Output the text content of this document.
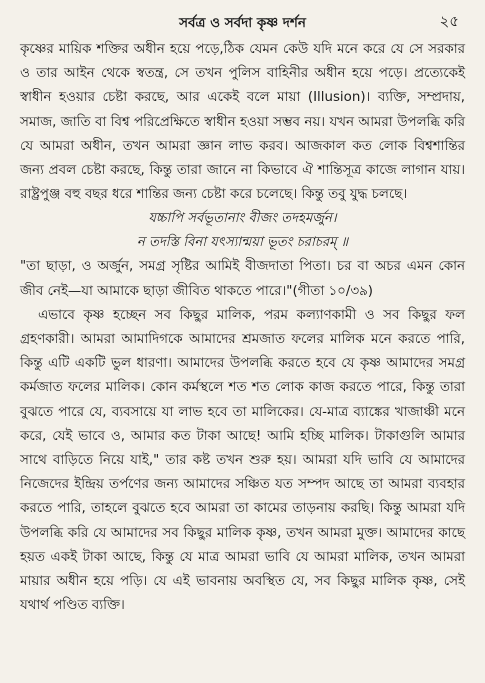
সর্বত্র ও সর্বদা কৃষ্ণ দর্শন	২৫

কৃষ্ণের মায়িক শক্তির অধীন হয়ে পড়ে,ঠিক যেমন কেউ যদি মনে করে যে সে সরকার ও তার আইন থেকে স্বতন্ত্র, সে তখন পুলিস বাহিনীর অধীন হয়ে পড়ে। প্রত্যেকেই স্বাধীন হওয়ার চেষ্টা করছে, আর একেই বলে মায়া (Illusion)। ব্যক্তি, সম্প্রদায়, সমাজ, জাতি বা বিশ্ব পরিপ্রেক্ষিতে স্বাধীন হওয়া সম্ভব নয়। যখন আমরা উপলব্ধি করি যে আমরা অধীন, তখন আমরা জ্ঞান লাভ করব। আজকাল কত লোক বিশ্বশান্তির জন্য প্রবল চেষ্টা করছে, কিন্তু তারা জানে না কিভাবে ঐ শান্তিসূত্র কাজে লাগান যায়। রাষ্ট্রপুঞ্জ বহু বছর ধরে শান্তির জন্য চেষ্টা করে চলেছে। কিন্তু তবু যুদ্ধ চলছে।

যচ্চাপি সর্বভূতানাং বীজং তদহমর্জুন।

ন তদস্তি বিনা যৎস্যান্ময়া ভূতং চরাচরম্ ॥

"তা ছাড়া, ও অর্জুন, সমগ্র সৃষ্টির আমিই বীজদাতা পিতা। চর বা অচর এমন কোন জীব নেই—যা আমাকে ছাড়া জীবিত থাকতে পারে।"(গীতা ১০/৩৯)

এভাবে কৃষ্ণ হচ্ছেন সব কিছুর মালিক, পরম কল্যাণকামী ও সব কিছুর ফল গ্রহণকারী। আমরা আমাদিগকে আমাদের শ্রমজাত ফলের মালিক মনে করতে পারি, কিন্তু এটি একটি ভুল ধারণা। আমাদের উপলব্ধি করতে হবে যে কৃষ্ণ আমাদের সমগ্র কর্মজাত ফলের মালিক। কোন কর্মস্থলে শত শত লোক কাজ করতে পারে, কিন্তু তারা বুঝতে পারে যে, ব্যবসায়ে যা লাভ হবে তা মালিকের। যে-মাত্র ব্যাঙ্কের খাজাঞ্চী মনে করে, যেই ভাবে ও, আমার কত টাকা আছে! আমি হচ্ছি মালিক। টাকাগুলি আমার সাথে বাড়িতে নিয়ে যাই," তার কষ্ট তখন শুরু হয়। আমরা যদি ভাবি যে আমাদের নিজেদের ইন্দ্রিয় তর্পণের জন্য আমাদের সঞ্চিত যত সম্পদ আছে তা আমরা ব্যবহার করতে পারি, তাহলে বুঝতে হবে আমরা তা কামের তাড়নায় করছি। কিন্তু আমরা যদি উপলব্ধি করি যে আমাদের সব কিছুর মালিক কৃষ্ণ, তখন আমরা মুক্ত। আমাদের কাছে হয়ত একই টাকা আছে, কিন্তু যে মাত্র আমরা ভাবি যে আমরা মালিক, তখন আমরা মায়ার অধীন হয়ে পড়ি। যে এই ভাবনায় অবস্থিত যে, সব কিছুর মালিক কৃষ্ণ, সেই যথার্থ পণ্ডিত ব্যক্তি।
